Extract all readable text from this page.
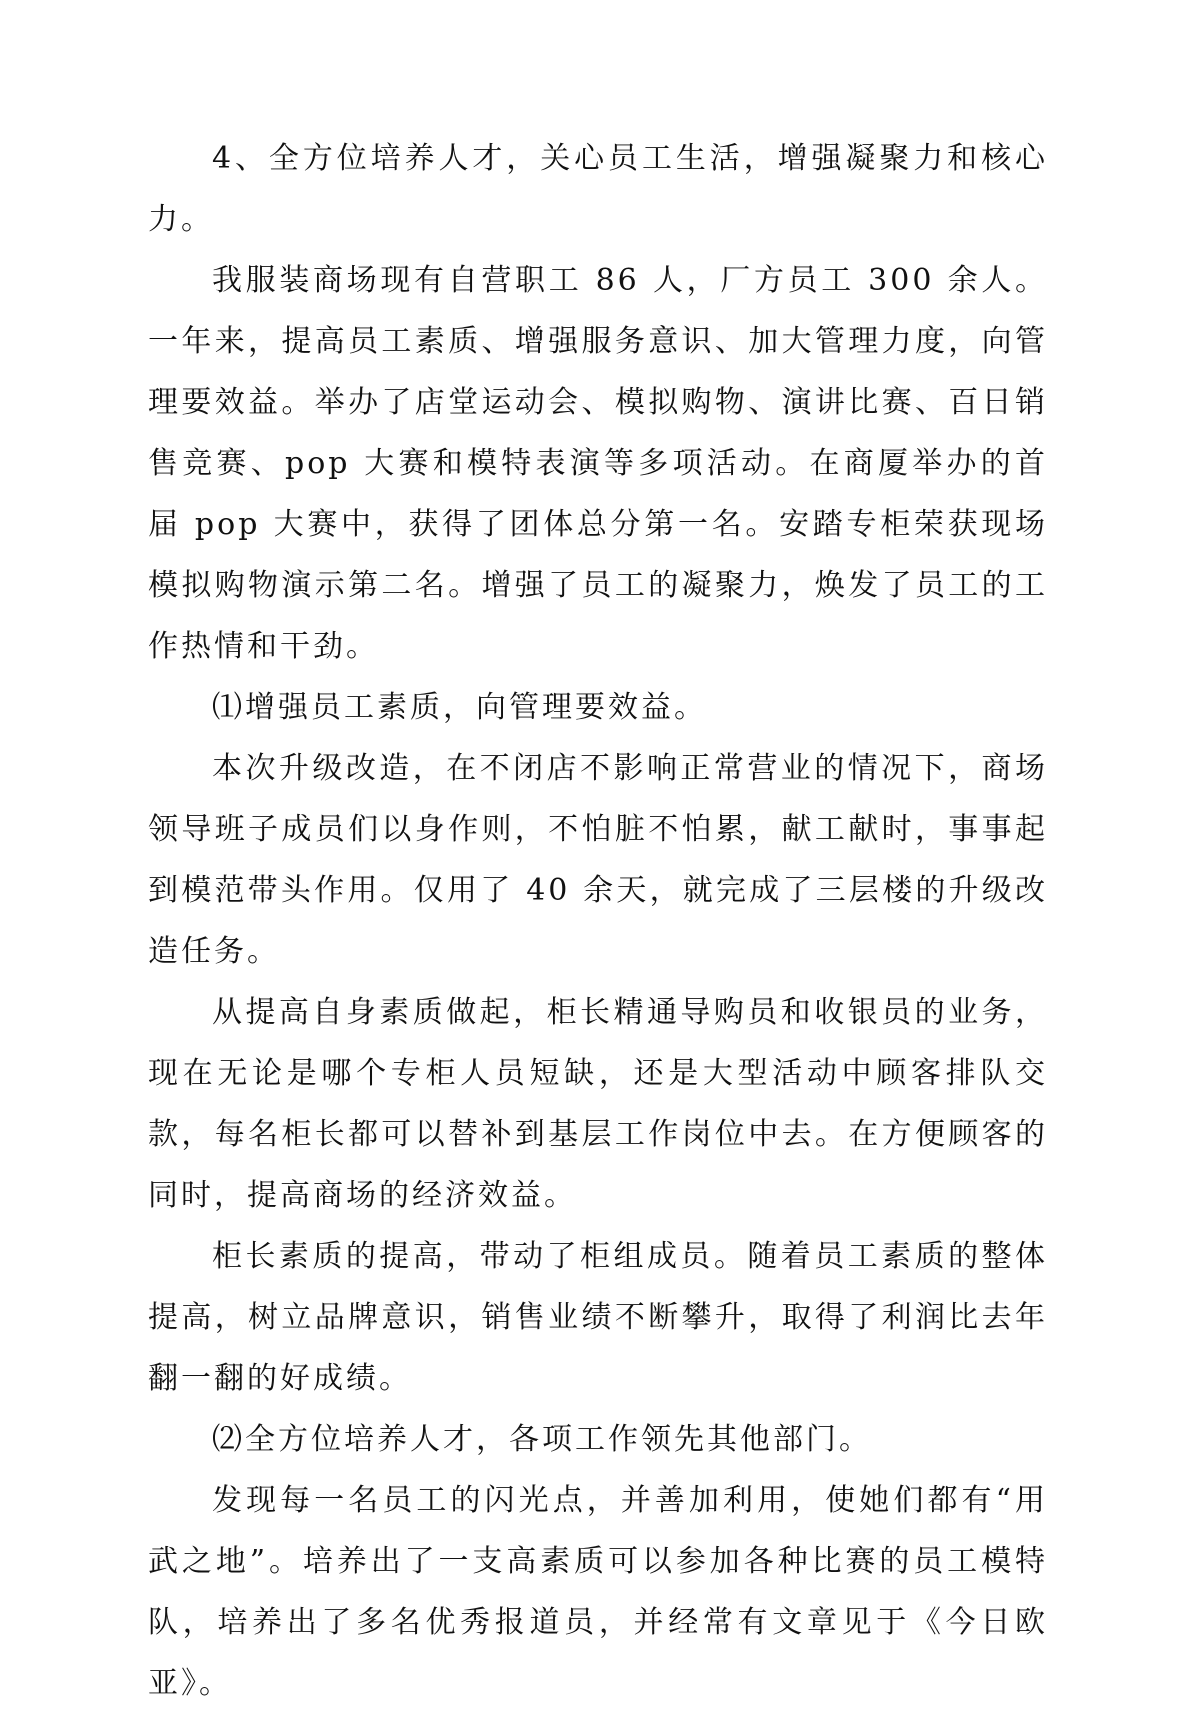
4、全方位培养人才，关心员工生活，增强凝聚力和核心力。

我服装商场现有自营职工 86 人，厂方员工 300 余人。一年来，提高员工素质、增强服务意识、加大管理力度，向管理要效益。举办了店堂运动会、模拟购物、演讲比赛、百日销售竞赛、pop 大赛和模特表演等多项活动。在商厦举办的首届 pop 大赛中，获得了团体总分第一名。安踏专柜荣获现场模拟购物演示第二名。增强了员工的凝聚力，焕发了员工的工作热情和干劲。

⑴增强员工素质，向管理要效益。

本次升级改造，在不闭店不影响正常营业的情况下，商场领导班子成员们以身作则，不怕脏不怕累，献工献时，事事起到模范带头作用。仅用了 40 余天，就完成了三层楼的升级改造任务。

从提高自身素质做起，柜长精通导购员和收银员的业务，现在无论是哪个专柜人员短缺，还是大型活动中顾客排队交款，每名柜长都可以替补到基层工作岗位中去。在方便顾客的同时，提高商场的经济效益。

柜长素质的提高，带动了柜组成员。随着员工素质的整体提高，树立品牌意识，销售业绩不断攀升，取得了利润比去年翻一翻的好成绩。

⑵全方位培养人才，各项工作领先其他部门。

发现每一名员工的闪光点，并善加利用，使她们都有“用武之地”。培养出了一支高素质可以参加各种比赛的员工模特队，培养出了多名优秀报道员，并经常有文章见于《今日欧亚》。
